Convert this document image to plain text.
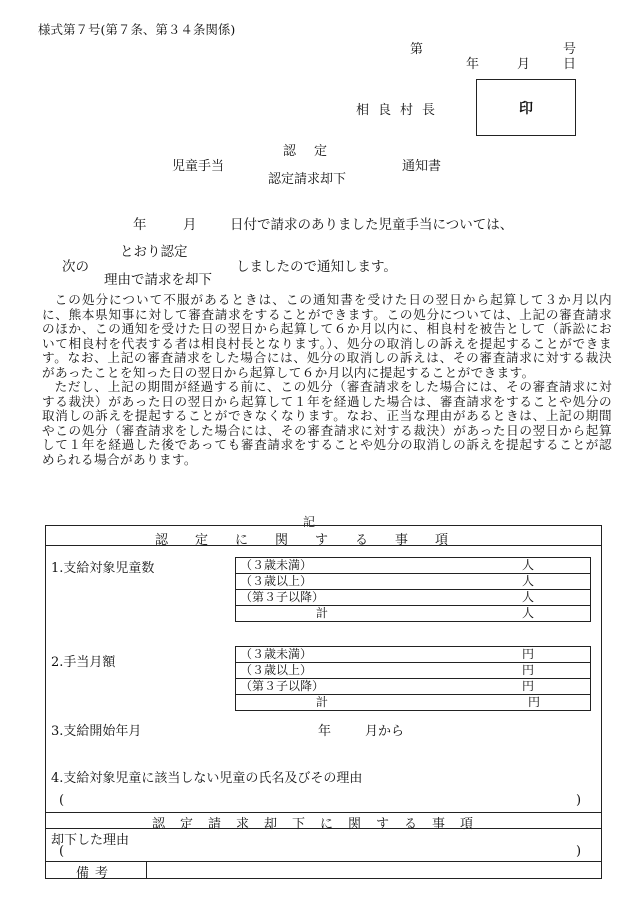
様式第７号(第７条、第３４条関係)
第	号
年	月	日
相良村長	印
認定
児童手当	通知書
認定請求却下
年	月 日付で請求のありました児童手当については、
とおり認定
次の
理由で請求を却下
しましたので通知します。

この処分について不服があるときは、この通知書を受けた日の翌日から起算して３か月以内に、熊本県知事に対して審査請求をすることができます。この処分については、上記の審査請求のほか、この通知を受けた日の翌日から起算して６か月以内に、相良村を被告として（訴訟において相良村を代表する者は相良村長となります。）、処分の取消しの訴えを提起することができます。なお、上記の審査請求をした場合には、処分の取消しの訴えは、その審査請求に対する裁決があったことを知った日の翌日から起算して６か月以内に提起することができます。

ただし、上記の期間が経過する前に、この処分（審査請求をした場合には、その審査請求に対する裁決）があった日の翌日から起算して１年を経過した場合は、審査請求をすることや処分の取消しの訴えを提起することができなくなります。なお、正当な理由があるときは、上記の期間やこの処分（審査請求をした場合には、その審査請求に対する裁決）があった日の翌日から起算して１年を経過した後であっても審査請求をすることや処分の取消しの訴えを提起することが認められる場合があります。

記
認定に関する事項
1.支給対象児童数	（３歳未満）	人
（３歳以上）	人
（第３子以降）	人
計	人
2.手当月額
（３歳未満）	円
（３歳以上）	円
（第３子以降）	円
計	円
3.支給開始年月	年	月から
4.支給対象児童に該当しない児童の氏名及びその理由
(	)
認定請求却下に関する事項
却下した理由
(	)
備考
